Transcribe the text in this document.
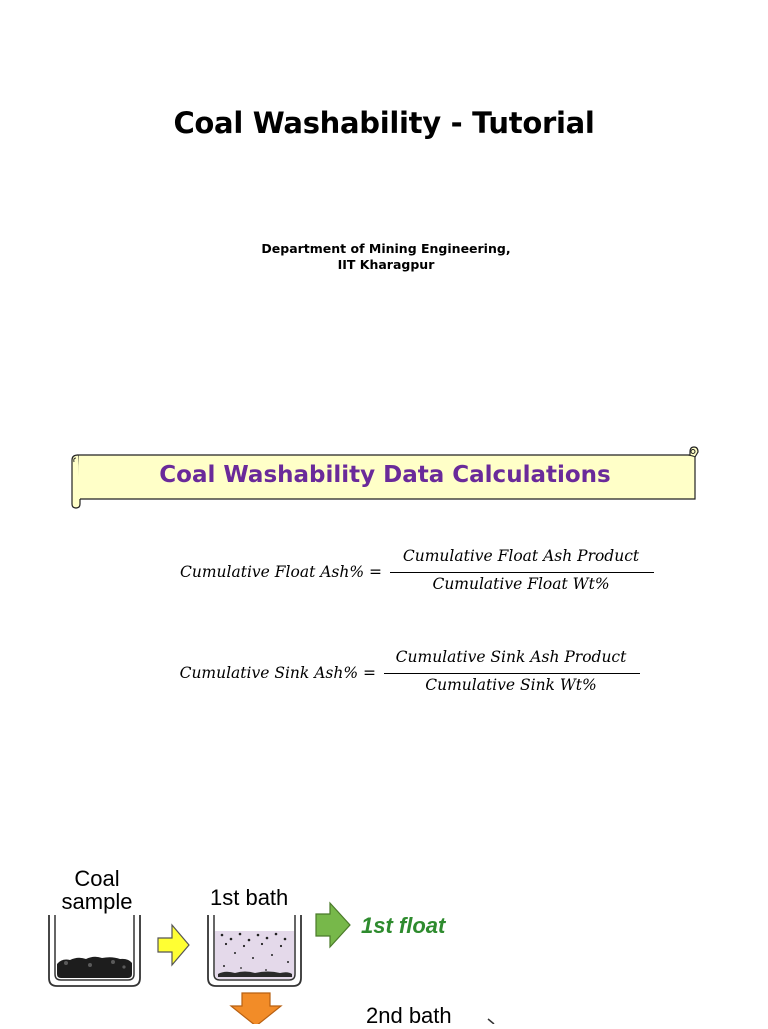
Coal Washability - Tutorial
Department of Mining Engineering,
IIT Kharagpur
Coal Washability Data Calculations
Cumulative Float Ash% =
Cumulative Float Ash Product
Cumulative Float Wt%
Cumulative Sink Ash% =
Cumulative Sink Ash Product
Cumulative Sink Wt%
Coal
sample	1st bath
1st float
2nd bath
